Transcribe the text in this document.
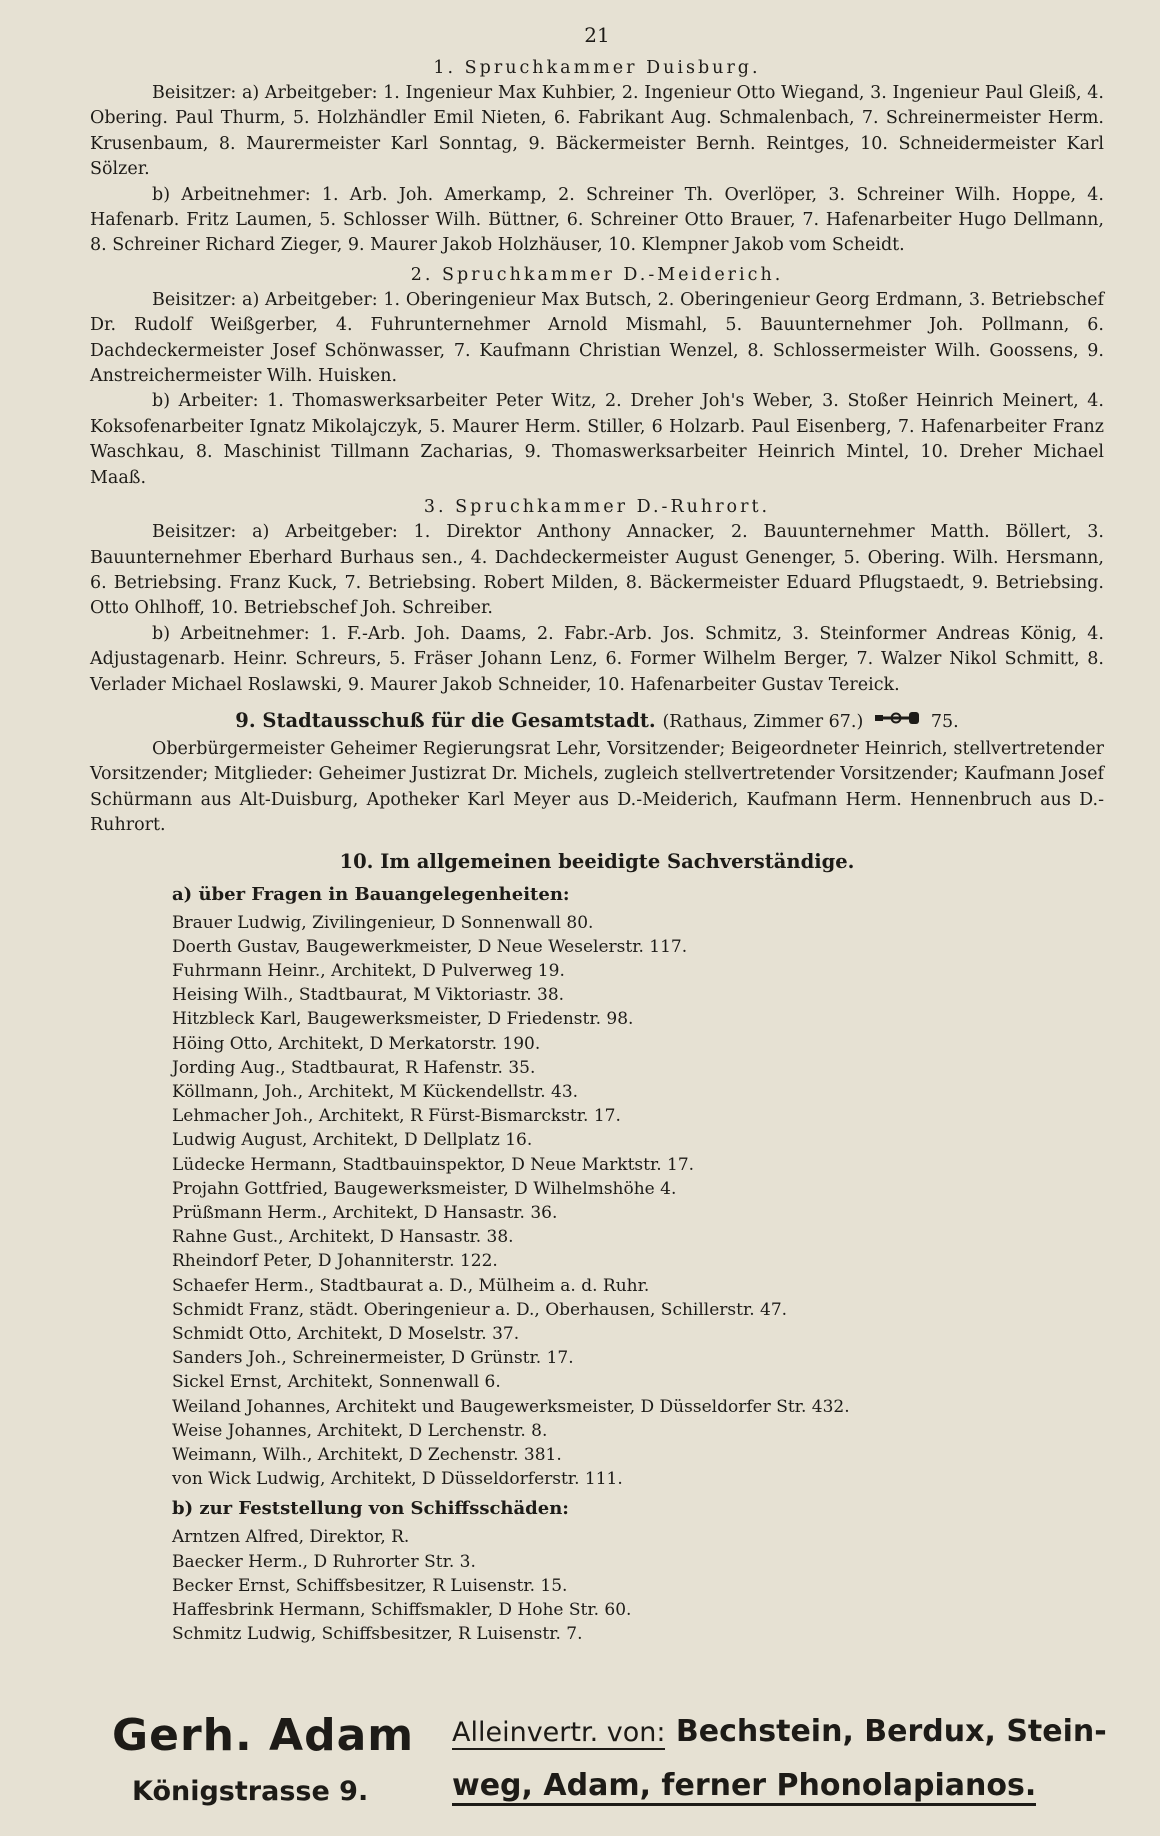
21
1. Spruchkammer Duisburg.

Beisitzer: a) Arbeitgeber: 1. Ingenieur Max Kuhbier, 2. Ingenieur Otto Wiegand, 3. Ingenieur Paul Gleiß, 4. Obering. Paul Thurm, 5. Holzhändler Emil Nieten, 6. Fabrikant Aug. Schmalenbach, 7. Schreinermeister Herm. Krusenbaum, 8. Maurermeister Karl Sonntag, 9. Bäckermeister Bernh. Reintges, 10. Schneidermeister Karl Sölzer.

b) Arbeitnehmer: 1. Arb. Joh. Amerkamp, 2. Schreiner Th. Overlöper, 3. Schreiner Wilh. Hoppe, 4. Hafenarb. Fritz Laumen, 5. Schlosser Wilh. Büttner, 6. Schreiner Otto Brauer, 7. Hafenarbeiter Hugo Dellmann, 8. Schreiner Richard Zieger, 9. Maurer Jakob Holzhäuser, 10. Klempner Jakob vom Scheidt.

2. Spruchkammer D.-Meiderich.

Beisitzer: a) Arbeitgeber: 1. Oberingenieur Max Butsch, 2. Oberingenieur Georg Erdmann, 3. Betriebschef Dr. Rudolf Weißgerber, 4. Fuhrunternehmer Arnold Mismahl, 5. Bauunternehmer Joh. Pollmann, 6. Dachdeckermeister Josef Schönwasser, 7. Kaufmann Christian Wenzel, 8. Schlossermeister Wilh. Goossens, 9. Anstreichermeister Wilh. Huisken.

b) Arbeiter: 1. Thomaswerksarbeiter Peter Witz, 2. Dreher Joh's Weber, 3. Stoßer Heinrich Meinert, 4. Koksofenarbeiter Ignatz Mikolajczyk, 5. Maurer Herm. Stiller, 6 Holzarb. Paul Eisenberg, 7. Hafenarbeiter Franz Waschkau, 8. Maschinist Tillmann Zacharias, 9. Thomaswerksarbeiter Heinrich Mintel, 10. Dreher Michael Maaß.

3. Spruchkammer D.-Ruhrort.

Beisitzer: a) Arbeitgeber: 1. Direktor Anthony Annacker, 2. Bauunternehmer Matth. Böllert, 3. Bauunternehmer Eberhard Burhaus sen., 4. Dachdeckermeister August Genenger, 5. Obering. Wilh. Hersmann, 6. Betriebsing. Franz Kuck, 7. Betriebsing. Robert Milden, 8. Bäckermeister Eduard Pflugstaedt, 9. Betriebsing. Otto Ohlhoff, 10. Betriebschef Joh. Schreiber.

b) Arbeitnehmer: 1. F.-Arb. Joh. Daams, 2. Fabr.-Arb. Jos. Schmitz, 3. Steinformer Andreas König, 4. Adjustagenarb. Heinr. Schreurs, 5. Fräser Johann Lenz, 6. Former Wilhelm Berger, 7. Walzer Nikol Schmitt, 8. Verlader Michael Roslawski, 9. Maurer Jakob Schneider, 10. Hafenarbeiter Gustav Tereick.

9. Stadtausschuß für die Gesamtstadt. (Rathaus, Zimmer 67.)	75.

Oberbürgermeister Geheimer Regierungsrat Lehr, Vorsitzender; Beigeordneter Heinrich, stellvertretender Vorsitzender; Mitglieder: Geheimer Justizrat Dr. Michels, zugleich stellvertretender Vorsitzender; Kaufmann Josef Schürmann aus Alt-Duisburg, Apotheker Karl Meyer aus D.-Meiderich, Kaufmann Herm. Hennenbruch aus D.-Ruhrort.

10. Im allgemeinen beeidigte Sachverständige.
a) über Fragen in Bauangelegenheiten:
Brauer Ludwig, Zivilingenieur, D Sonnenwall 80.
Doerth Gustav, Baugewerkmeister, D Neue Weselerstr. 117.
Fuhrmann Heinr., Architekt, D Pulverweg 19.
Heising Wilh., Stadtbaurat, M Viktoriastr. 38.
Hitzbleck Karl, Baugewerksmeister, D Friedenstr. 98.
Höing Otto, Architekt, D Merkatorstr. 190.
Jording Aug., Stadtbaurat, R Hafenstr. 35.
Köllmann, Joh., Architekt, M Kückendellstr. 43.
Lehmacher Joh., Architekt, R Fürst-Bismarckstr. 17.
Ludwig August, Architekt, D Dellplatz 16.
Lüdecke Hermann, Stadtbauinspektor, D Neue Marktstr. 17.
Projahn Gottfried, Baugewerksmeister, D Wilhelmshöhe 4.
Prüßmann Herm., Architekt, D Hansastr. 36.
Rahne Gust., Architekt, D Hansastr. 38.
Rheindorf Peter, D Johanniterstr. 122.
Schaefer Herm., Stadtbaurat a. D., Mülheim a. d. Ruhr.
Schmidt Franz, städt. Oberingenieur a. D., Oberhausen, Schillerstr. 47.
Schmidt Otto, Architekt, D Moselstr. 37.
Sanders Joh., Schreinermeister, D Grünstr. 17.
Sickel Ernst, Architekt, Sonnenwall 6.
Weiland Johannes, Architekt und Baugewerksmeister, D Düsseldorfer Str. 432.
Weise Johannes, Architekt, D Lerchenstr. 8.
Weimann, Wilh., Architekt, D Zechenstr. 381.
von Wick Ludwig, Architekt, D Düsseldorferstr. 111.
b) zur Feststellung von Schiffsschäden:
Arntzen Alfred, Direktor, R.
Baecker Herm., D Ruhrorter Str. 3.
Becker Ernst, Schiffsbesitzer, R Luisenstr. 15.
Haffesbrink Hermann, Schiffsmakler, D Hohe Str. 60.
Schmitz Ludwig, Schiffsbesitzer, R Luisenstr. 7.
Gerh. Adam
Königstrasse 9.
Alleinvertr. von: Bechstein, Berdux, Stein-
weg, Adam, ferner Phonolapianos.
